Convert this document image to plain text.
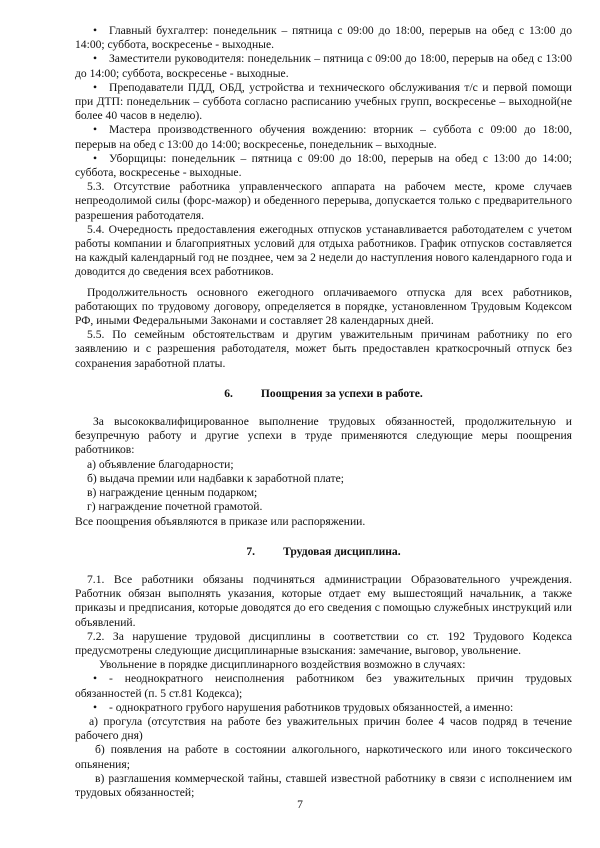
• Главный бухгалтер: понедельник – пятница с 09:00 до 18:00, перерыв на обед с 13:00 до 14:00; суббота, воскресенье - выходные.

• Заместители руководителя: понедельник – пятница с 09:00 до 18:00, перерыв на обед с 13:00 до 14:00; суббота, воскресенье - выходные.

• Преподаватели ПДД, ОБД, устройства и технического обслуживания т/с и первой помощи при ДТП: понедельник – суббота согласно расписанию учебных групп, воскресенье – выходной(не более 40 часов в неделю).

• Мастера производственного обучения вождению: вторник – суббота с 09:00 до 18:00, перерыв на обед с 13:00 до 14:00; воскресенье, понедельник – выходные.

• Уборщицы: понедельник – пятница с 09:00 до 18:00, перерыв на обед с 13:00 до 14:00; суббота, воскресенье - выходные.

5.3. Отсутствие работника управленческого аппарата на рабочем месте, кроме случаев непреодолимой силы (форс-мажор) и обеденного перерыва, допускается только с предварительного разрешения работодателя.

5.4. Очередность предоставления ежегодных отпусков устанавливается работодателем с учетом работы компании и благоприятных условий для отдыха работников. График отпусков составляется на каждый календарный год не позднее, чем за 2 недели до наступления нового календарного года и доводится до сведения всех работников.

Продолжительность основного ежегодного оплачиваемого отпуска для всех работников, работающих по трудовому договору, определяется в порядке, установленном Трудовым Кодексом РФ, иными Федеральными Законами и составляет 28 календарных дней.

5.5. По семейным обстоятельствам и другим уважительным причинам работнику по его заявлению и с разрешения работодателя, может быть предоставлен краткосрочный отпуск без сохранения заработной платы.

6. Поощрения за успехи в работе.

За высококвалифицированное выполнение трудовых обязанностей, продолжительную и безупречную работу и другие успехи в труде применяются следующие меры поощрения работников:

а) объявление благодарности;

б) выдача премии или надбавки к заработной плате;

в) награждение ценным подарком;

г) награждение почетной грамотой.

Все поощрения объявляются в приказе или распоряжении.

7. Трудовая дисциплина.

7.1. Все работники обязаны подчиняться администрации Образовательного учреждения. Работник обязан выполнять указания, которые отдает ему вышестоящий начальник, а также приказы и предписания, которые доводятся до его сведения с помощью служебных инструкций или объявлений.

7.2. За нарушение трудовой дисциплины в соответствии со ст. 192 Трудового Кодекса предусмотрены следующие дисциплинарные взыскания: замечание, выговор, увольнение.

Увольнение в порядке дисциплинарного воздействия возможно в случаях:

• - неоднократного неисполнения работником без уважительных причин трудовых обязанностей (п. 5 ст.81 Кодекса);

• - однократного грубого нарушения работников трудовых обязанностей, а именно:

а) прогула (отсутствия на работе без уважительных причин более 4 часов подряд в течение рабочего дня)

б) появления на работе в состоянии алкогольного, наркотического или иного токсического опьянения;

в) разглашения коммерческой тайны, ставшей известной работнику в связи с исполнением им трудовых обязанностей;

7
